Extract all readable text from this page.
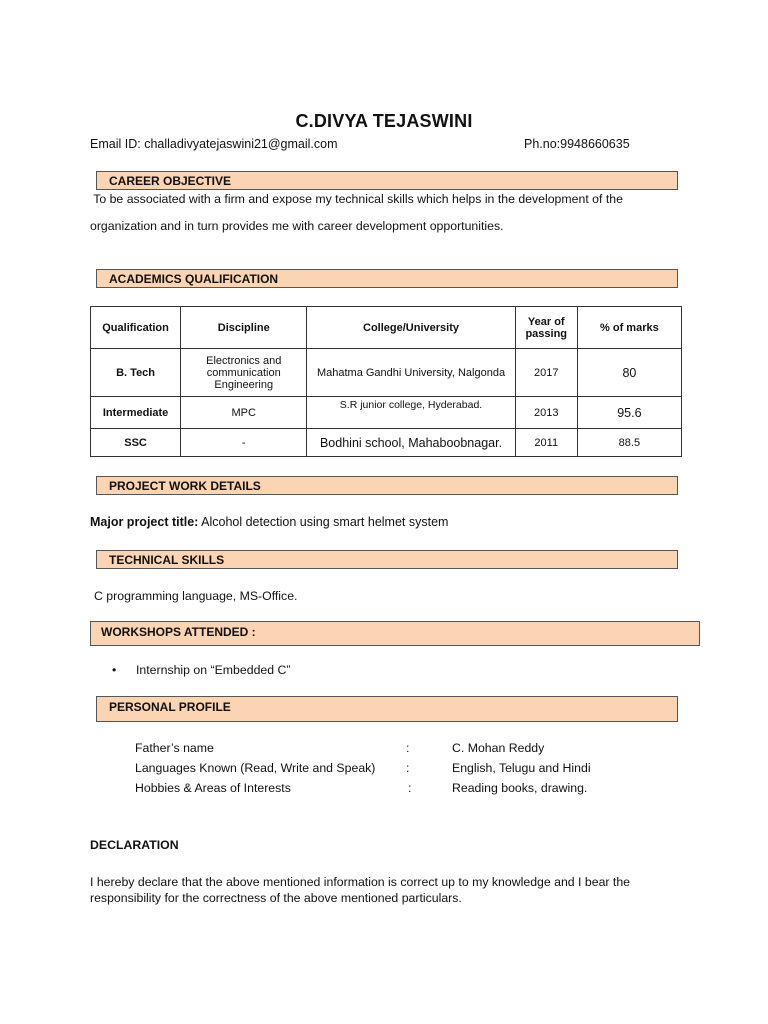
C.DIVYA TEJASWINI
Email ID: challadivyatejaswini21@gmail.com	Ph.no:9948660635
CAREER OBJECTIVE
To be associated with a firm and expose my technical skills which helps in the development of the
organization and in turn provides me with career development opportunities.
ACADEMICS QUALIFICATION
Qualification	Discipline	College/University	Year of passing	% of marks
B. Tech	Electronics and communication Engineering	Mahatma Gandhi University, Nalgonda	2017	80
Intermediate	MPC	S.R junior college, Hyderabad.	2013	95.6
SSC	-	Bodhini school, Mahaboobnagar.	2011	88.5
PROJECT WORK DETAILS
Major project title: Alcohol detection using smart helmet system
TECHNICAL SKILLS
C programming language, MS-Office.
WORKSHOPS ATTENDED :
• Internship on “Embedded C”
PERSONAL PROFILE
Father’s name	:	C. Mohan Reddy
Languages Known (Read, Write and Speak) :	English, Telugu and Hindi
Hobbies & Areas of Interests	:	Reading books, drawing.
DECLARATION
I hereby declare that the above mentioned information is correct up to my knowledge and I bear the
responsibility for the correctness of the above mentioned particulars.
